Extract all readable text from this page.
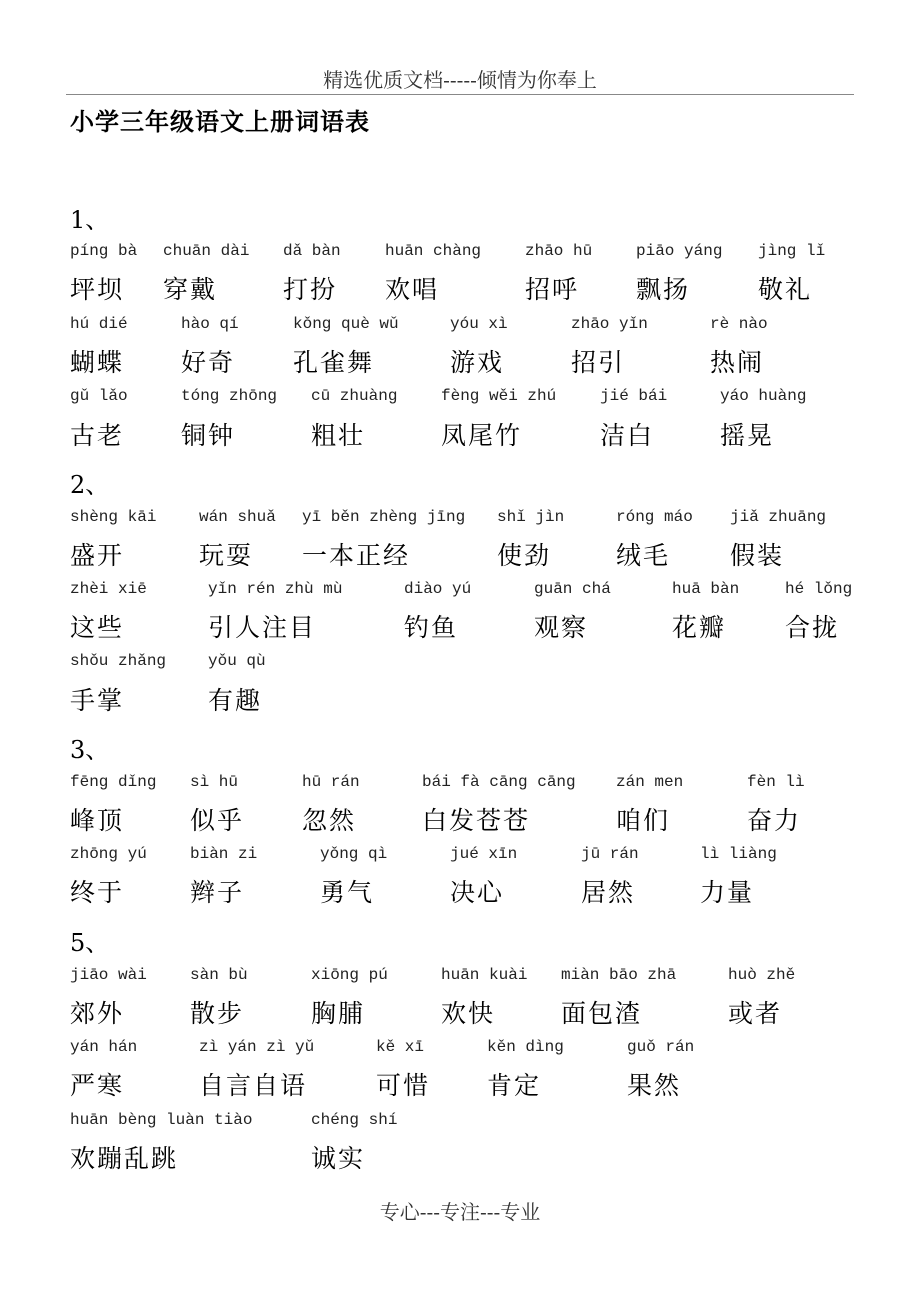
精选优质文档-----倾情为你奉上
小学三年级语文上册词语表
1、
píng bà
坪坝
chuān dài
穿戴
dǎ bàn
打扮
huān chàng
欢唱
zhāo hū
招呼
piāo yáng
飘扬
jìng lǐ
敬礼
hú dié
蝴蝶
hào qí
好奇
kǒng què wǔ
孔雀舞
yóu xì
游戏
zhāo yǐn
招引
rè nào
热闹
gǔ lǎo
古老
tóng zhōng
铜钟
cū zhuàng
粗壮
fèng wěi zhú
凤尾竹
jié bái
洁白
yáo huàng
摇晃
2、
shèng kāi
盛开
wán shuǎ
玩耍
yī běn zhèng jīng
一本正经
shǐ jìn
使劲
róng máo
绒毛
jiǎ zhuāng
假装
zhèi xiē
这些
yǐn rén zhù mù
引人注目
diào yú
钓鱼
guān chá
观察
huā bàn
花瓣
hé lǒng
合拢
shǒu zhǎng
手掌
yǒu qù
有趣
3、
fēng dǐng
峰顶
sì hū
似乎
hū rán
忽然
bái fà cāng cāng
白发苍苍
zán men
咱们
fèn lì
奋力
zhōng yú
终于
biàn zi
辫子
yǒng qì
勇气
jué xīn
决心
jū rán
居然
lì liàng
力量
5、
jiāo wài
郊外
sàn bù
散步
xiōng pú
胸脯
huān kuài
欢快
miàn bāo zhā
面包渣
huò zhě
或者
yán hán
严寒
zì yán zì yǔ
自言自语
kě xī
可惜
kěn dìng
肯定
guǒ rán
果然
huān bèng luàn tiào
欢蹦乱跳
chéng shí
诚实
专心---专注---专业
